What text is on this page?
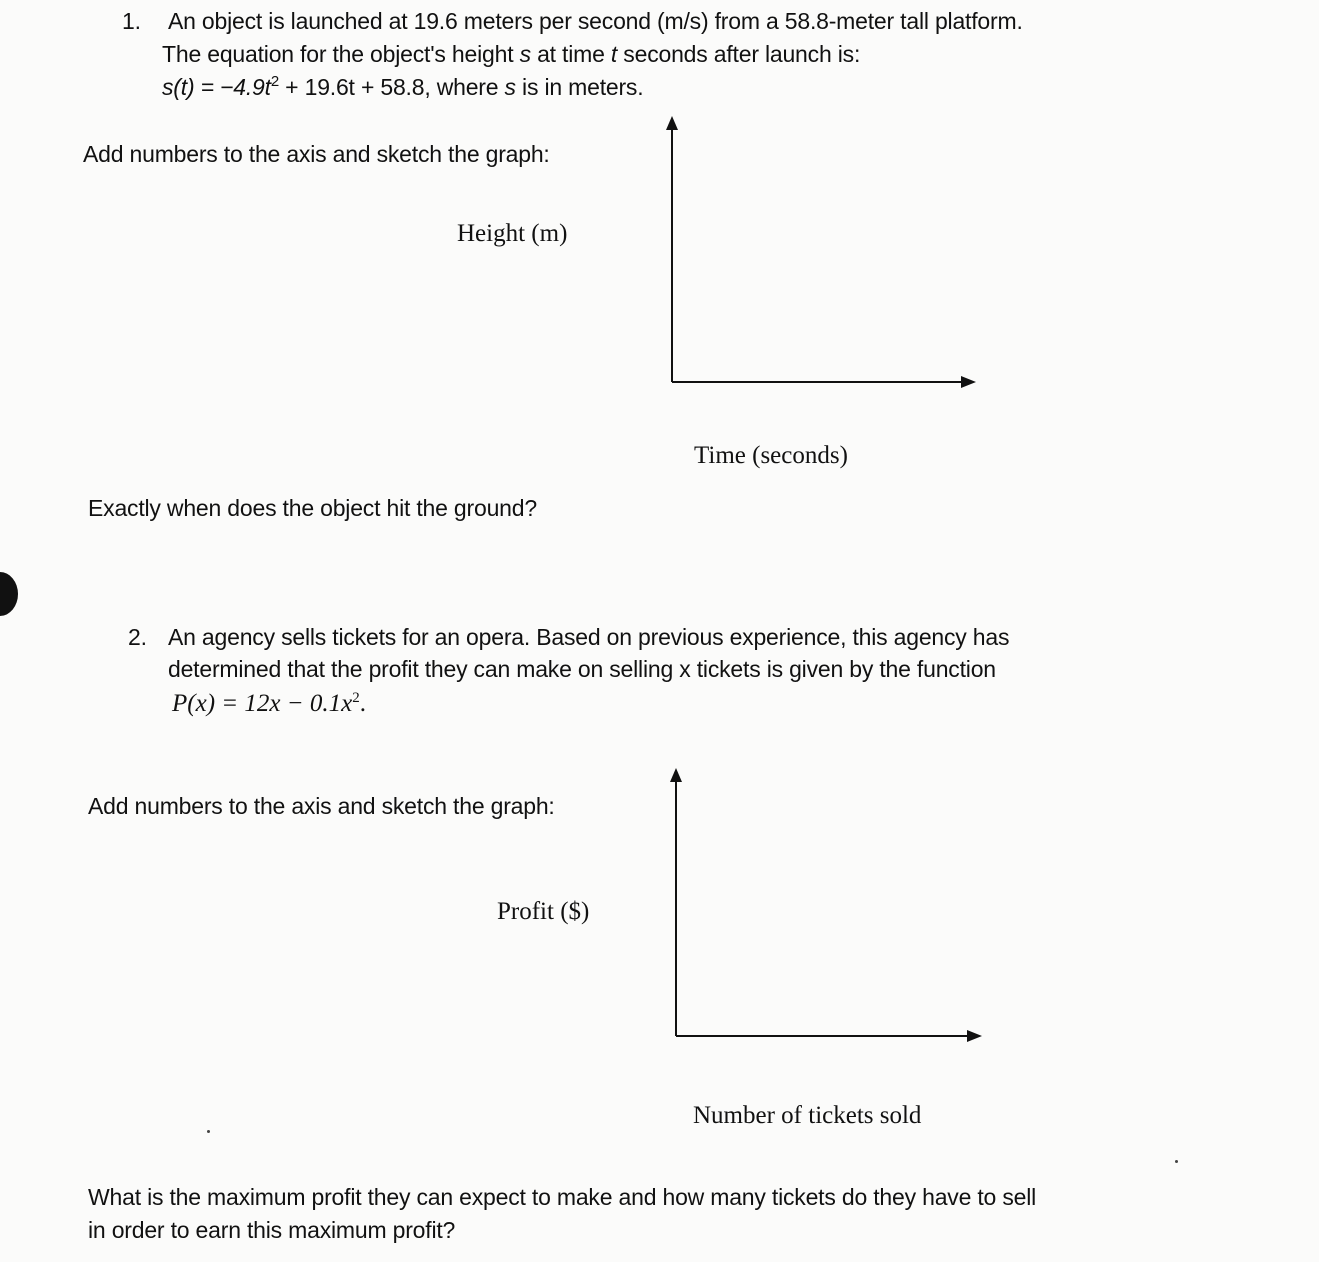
1. An object is launched at 19.6 meters per second (m/s) from a 58.8-meter tall platform.
The equation for the object's height s at time t seconds after launch is:
$s(t) = -4.9t^2 + 19.6t + 58.8$, where s is in meters.
Add numbers to the axis and sketch the graph:
Height (m)
Time (seconds)
Exactly when does the object hit the ground?
2. An agency sells tickets for an opera. Based on previous experience, this agency has
determined that the profit they can make on selling x tickets is given by the function
$P(x) = 12x - 0.1x^2$.
Add numbers to the axis and sketch the graph:
Profit ($)
Number of tickets sold
What is the maximum profit they can expect to make and how many tickets do they have to sell
in order to earn this maximum profit?
